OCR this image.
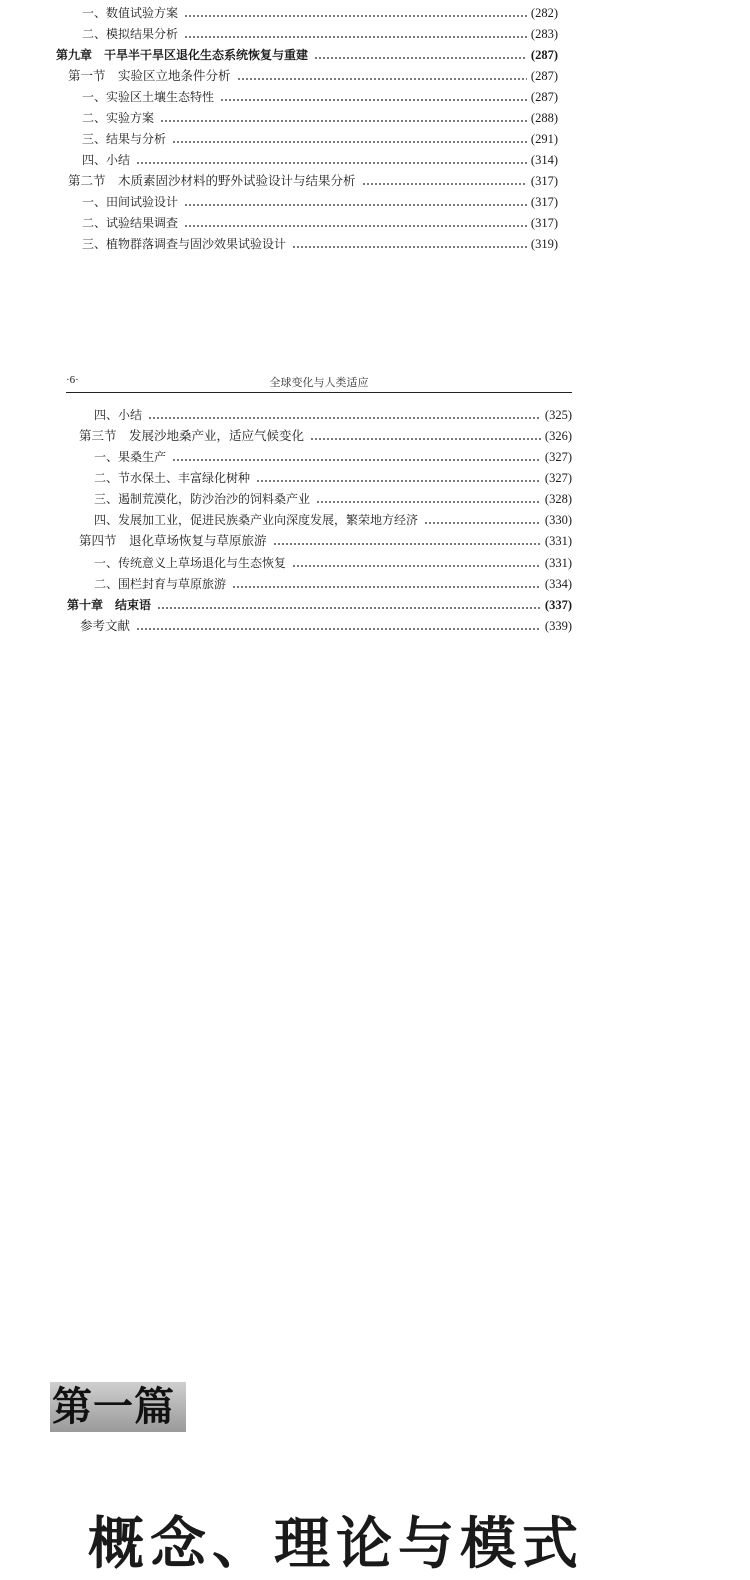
一、数值试验方案	(282)
二、模拟结果分析	(283)
第九章　干旱半干旱区退化生态系统恢复与重建	(287)
第一节　实验区立地条件分析	(287)
一、实验区土壤生态特性	(287)
二、实验方案	(288)
三、结果与分析	(291)
四、小结	(314)
第二节　木质素固沙材料的野外试验设计与结果分析	(317)
一、田间试验设计	(317)
二、试验结果调查	(317)
三、植物群落调查与固沙效果试验设计	(319)
·6·	全球变化与人类适应
四、小结	(325)
第三节　发展沙地桑产业，适应气候变化	(326)
一、果桑生产	(327)
二、节水保土、丰富绿化树种	(327)
三、遏制荒漠化，防沙治沙的饲料桑产业	(328)
四、发展加工业，促进民族桑产业向深度发展，繁荣地方经济	(330)
第四节　退化草场恢复与草原旅游	(331)
一、传统意义上草场退化与生态恢复	(331)
二、围栏封育与草原旅游	(334)
第十章　结束语	(337)
参考文献	(339)
第一篇
概念、理论与模式
